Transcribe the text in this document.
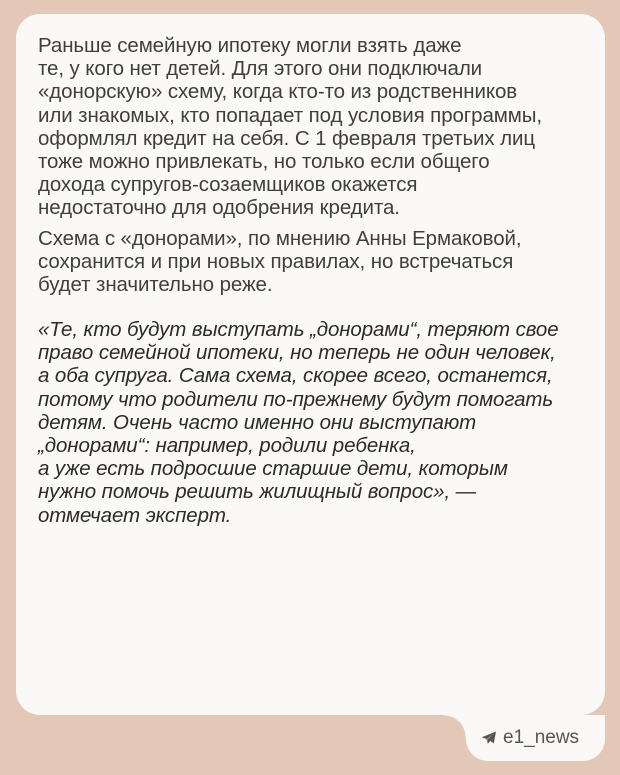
Раньше семейную ипотеку могли взять даже
те, у кого нет детей. Для этого они подключали
«донорскую» схему, когда кто-то из родственников
или знакомых, кто попадает под условия программы,
оформлял кредит на себя. С 1 февраля третьих лиц
тоже можно привлекать, но только если общего
дохода супругов-созаемщиков окажется
недостаточно для одобрения кредита.
Схема с «донорами», по мнению Анны Ермаковой,
сохранится и при новых правилах, но встречаться
будет значительно реже.
«Те, кто будут выступать „донорами“, теряют свое
право семейной ипотеки, но теперь не один человек,
а оба супруга. Сама схема, скорее всего, останется,
потому что родители по-прежнему будут помогать
детям. Очень часто именно они выступают
„донорами“: например, родили ребенка,
а уже есть подросшие старшие дети, которым
нужно помочь решить жилищный вопрос», —
отмечает эксперт.
e1_news
